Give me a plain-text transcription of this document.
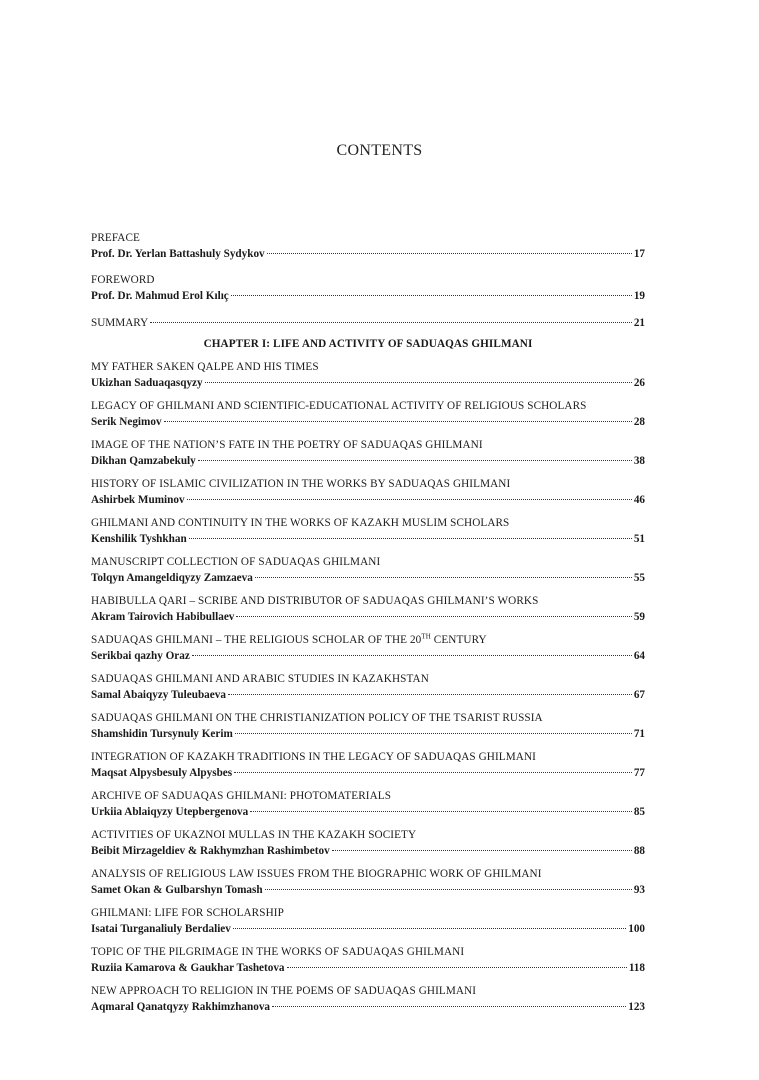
CONTENTS
PREFACE
Prof. Dr. Yerlan Battashuly Sydykov	17
FOREWORD
Prof. Dr. Mahmud Erol Kılıç	19
SUMMARY	21
CHAPTER I: LIFE AND ACTIVITY OF SADUAQAS GHILMANI
MY FATHER SAKEN QALPE AND HIS TIMES
Ukizhan Saduaqasqyzy	26
LEGACY OF GHILMANI AND SCIENTIFIC-EDUCATIONAL ACTIVITY OF RELIGIOUS SCHOLARS
Serik Negimov	28
IMAGE OF THE NATION’S FATE IN THE POETRY OF SADUAQAS GHILMANI
Dikhan Qamzabekuly	38
HISTORY OF ISLAMIC CIVILIZATION IN THE WORKS BY SADUAQAS GHILMANI
Ashirbek Muminov	46
GHILMANI AND CONTINUITY IN THE WORKS OF KAZAKH MUSLIM SCHOLARS
Kenshilik Tyshkhan	51
MANUSCRIPT COLLECTION OF SADUAQAS GHILMANI
Tolqyn Amangeldiqyzy Zamzaeva	55
HABIBULLA QARI – SCRIBE AND DISTRIBUTOR OF SADUAQAS GHILMANI’S WORKS
Akram Tairovich Habibullaev	59
SADUAQAS GHILMANI – THE RELIGIOUS SCHOLAR OF THE 20TH CENTURY
Serikbai qazhy Oraz	64
SADUAQAS GHILMANI AND ARABIC STUDIES IN KAZAKHSTAN
Samal Abaiqyzy Tuleubaeva	67
SADUAQAS GHILMANI ON THE CHRISTIANIZATION POLICY OF THE TSARIST RUSSIA
Shamshidin Tursynuly Kerim	71
INTEGRATION OF KAZAKH TRADITIONS IN THE LEGACY OF SADUAQAS GHILMANI
Maqsat Alpysbesuly Alpysbes	77
ARCHIVE OF SADUAQAS GHILMANI: PHOTOMATERIALS
Urkiia Ablaiqyzy Utepbergenova	85
ACTIVITIES OF UKAZNOI MULLAS IN THE KAZAKH SOCIETY
Beibit Mirzageldiev & Rakhymzhan Rashimbetov	88
ANALYSIS OF RELIGIOUS LAW ISSUES FROM THE BIOGRAPHIC WORK OF GHILMANI
Samet Okan & Gulbarshyn Tomash	93
GHILMANI: LIFE FOR SCHOLARSHIP
Isatai Turganaliuly Berdaliev	100
TOPIC OF THE PILGRIMAGE IN THE WORKS OF SADUAQAS GHILMANI
Ruziia Kamarova & Gaukhar Tashetova	118
NEW APPROACH TO RELIGION IN THE POEMS OF SADUAQAS GHILMANI
Aqmaral Qanatqyzy Rakhimzhanova	123
